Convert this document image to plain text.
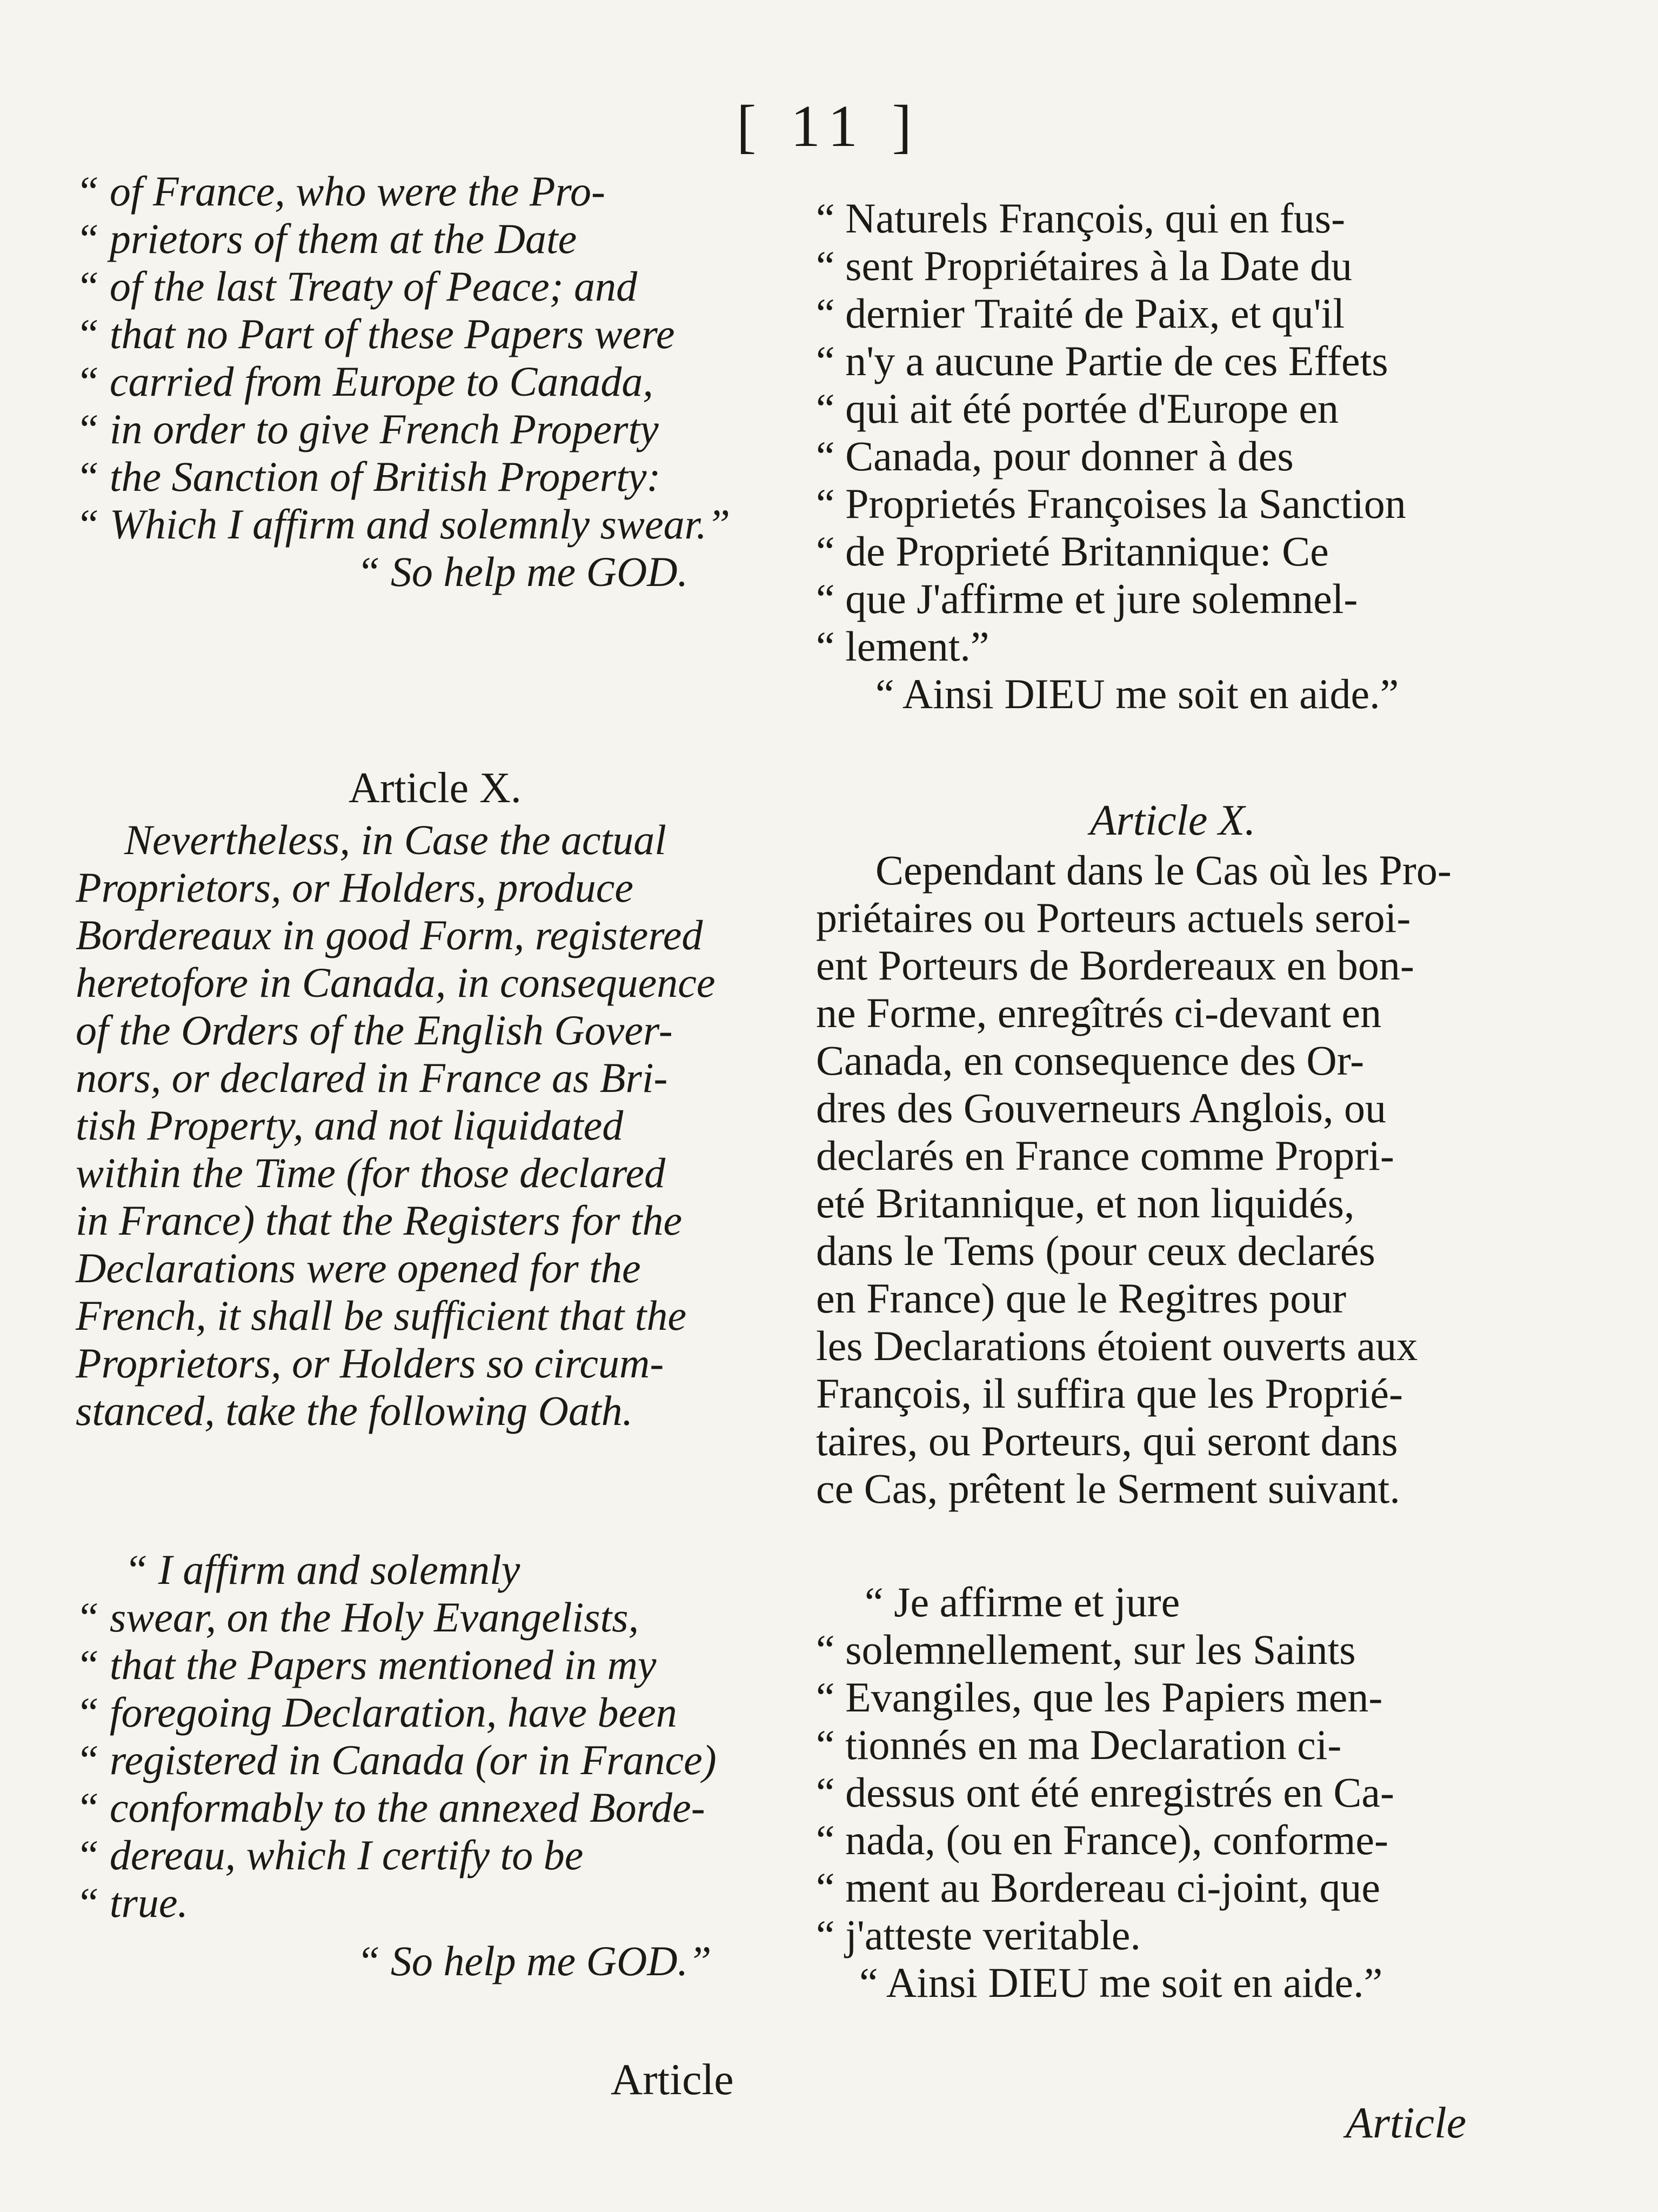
[ 11 ]
“ of France, who were the Pro-
“ prietors of them at the Date
“ of the last Treaty of Peace; and
“ that no Part of these Papers were
“ carried from Europe to Canada,
“ in order to give French Property
“ the Sanction of British Property:
“ Which I affirm and solemnly swear.”
“ So help me GOD.
Article X.
Nevertheless, in Case the actual
Proprietors, or Holders, produce
Bordereaux in good Form, registered
heretofore in Canada, in consequence
of the Orders of the English Gover-
nors, or declared in France as Bri-
tish Property, and not liquidated
within the Time (for those declared
in France) that the Registers for the
Declarations were opened for the
French, it shall be sufficient that the
Proprietors, or Holders so circum-
stanced, take the following Oath.
“ I affirm and solemnly
“ swear, on the Holy Evangelists,
“ that the Papers mentioned in my
“ foregoing Declaration, have been
“ registered in Canada (or in France)
“ conformably to the annexed Borde-
“ dereau, which I certify to be
“ true.
“ So help me GOD.”
Article
“ Naturels François, qui en fus-
“ sent Propriétaires à la Date du
“ dernier Traité de Paix, et qu'il
“ n'y a aucune Partie de ces Effets
“ qui ait été portée d'Europe en
“ Canada, pour donner à des
“ Proprietés Françoises la Sanction
“ de Proprieté Britannique: Ce
“ que J'affirme et jure solemnel-
“ lement.”
“ Ainsi DIEU me soit en aide.”
Article X.
Cependant dans le Cas où les Pro-
priétaires ou Porteurs actuels seroi-
ent Porteurs de Bordereaux en bon-
ne Forme, enregîtrés ci-devant en
Canada, en consequence des Or-
dres des Gouverneurs Anglois, ou
declarés en France comme Propri-
eté Britannique, et non liquidés,
dans le Tems (pour ceux declarés
en France) que le Regitres pour
les Declarations étoient ouverts aux
François, il suffira que les Proprié-
taires, ou Porteurs, qui seront dans
ce Cas, prêtent le Serment suivant.
“ Je affirme et jure
“ solemnellement, sur les Saints
“ Evangiles, que les Papiers men-
“ tionnés en ma Declaration ci-
“ dessus ont été enregistrés en Ca-
“ nada, (ou en France), conforme-
“ ment au Bordereau ci-joint, que
“ j'atteste veritable.
“ Ainsi DIEU me soit en aide.”
Article
